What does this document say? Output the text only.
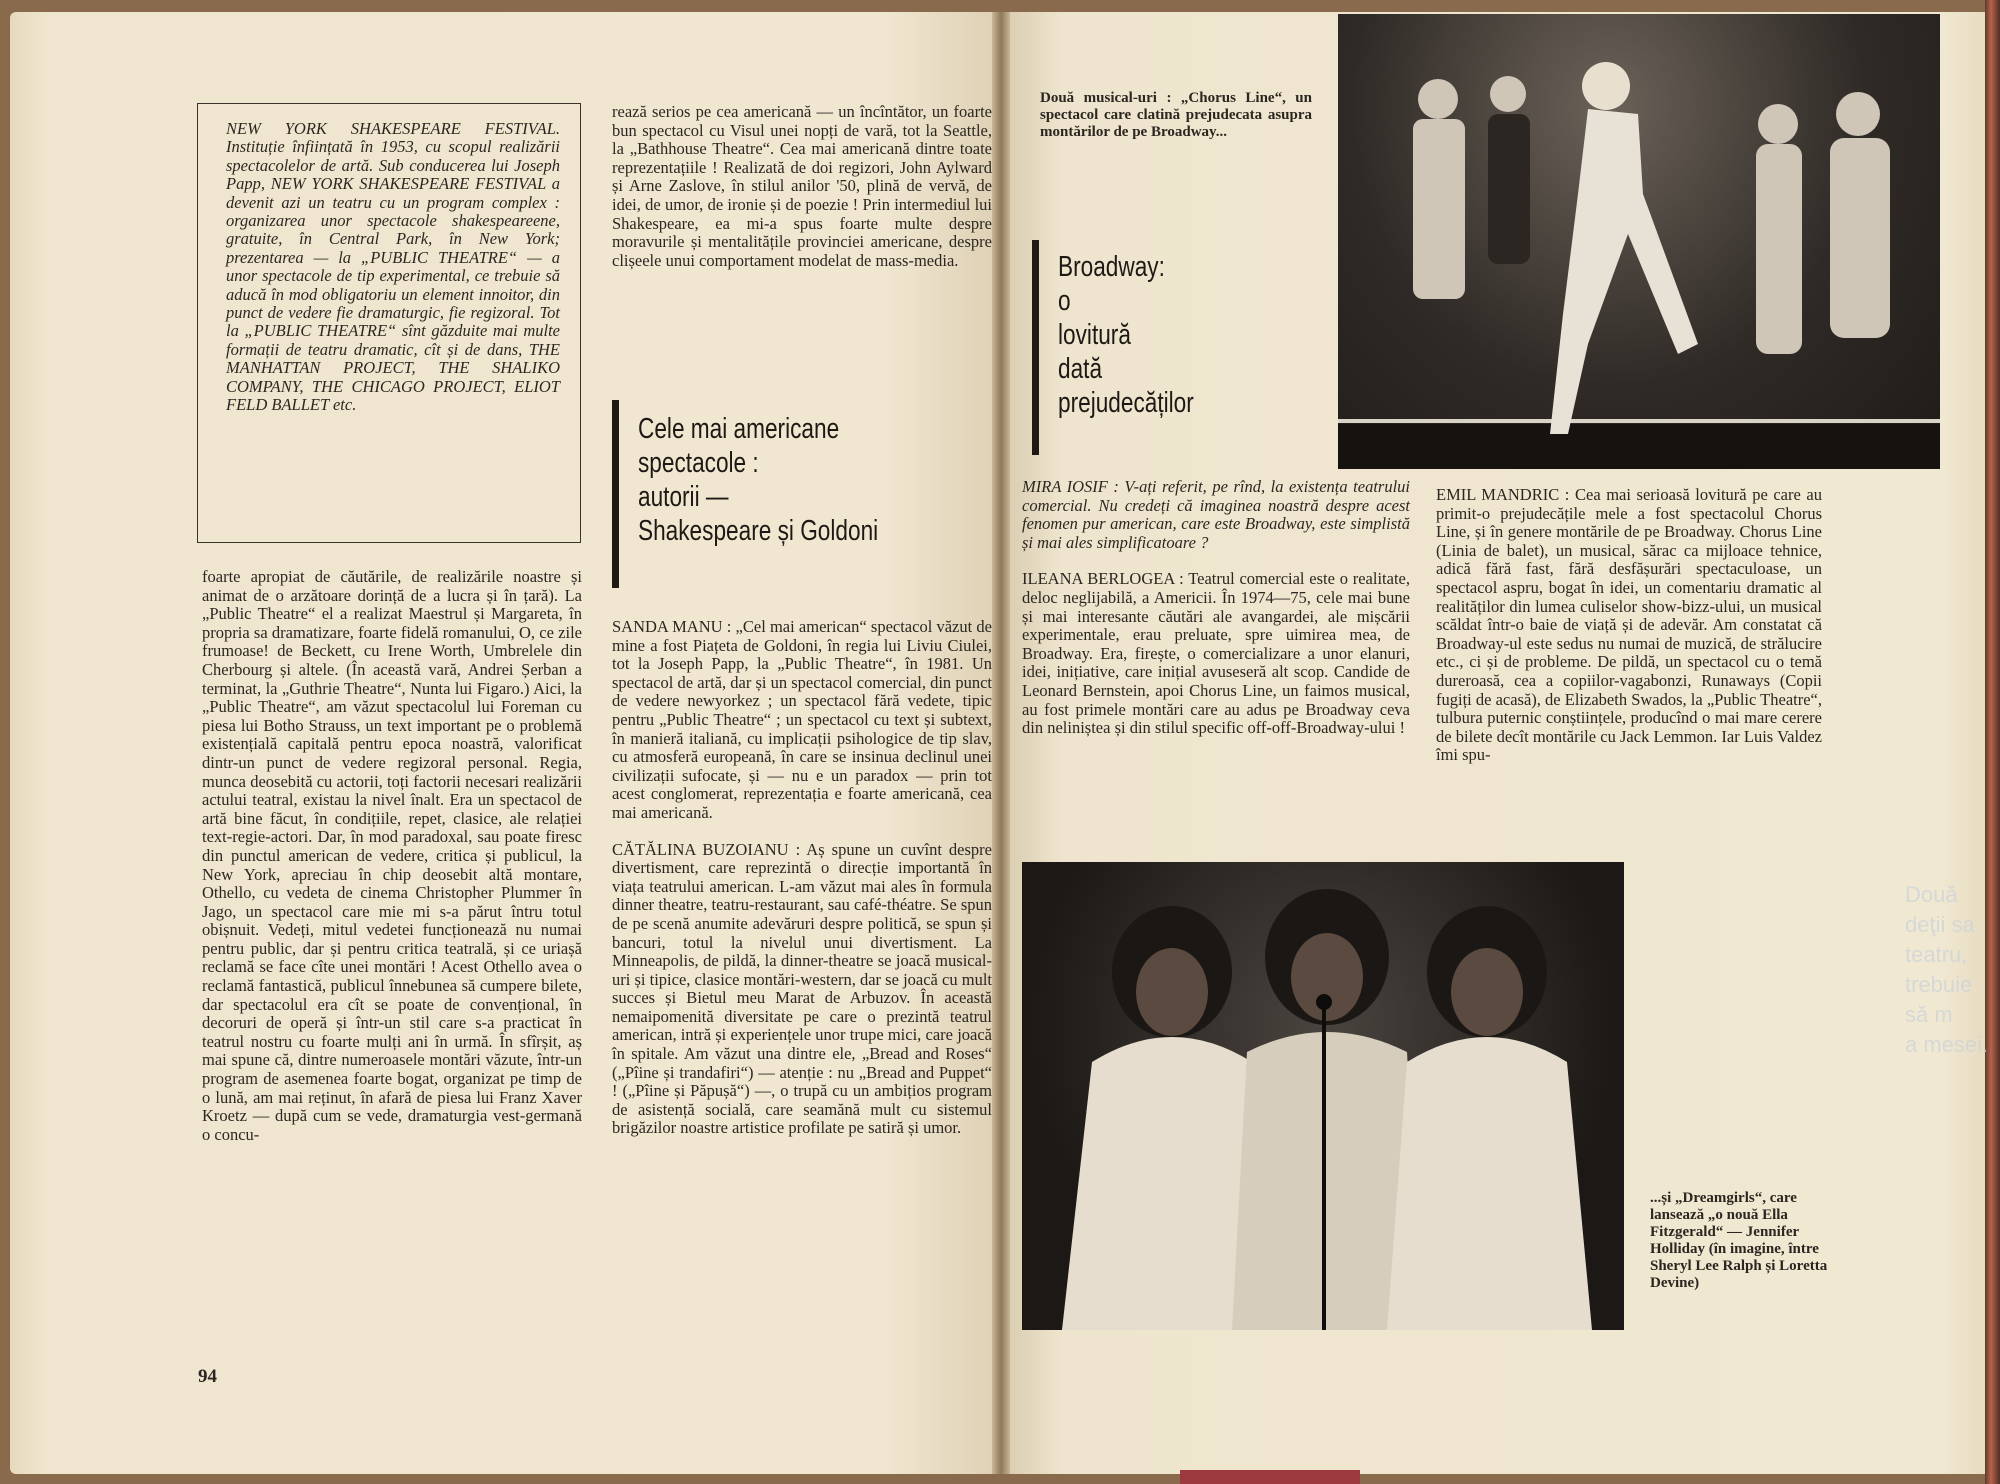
NEW YORK SHAKESPEARE FESTIVAL. Instituție înființată în 1953, cu scopul realizării spectacolelor de artă. Sub conducerea lui Joseph Papp, NEW YORK SHAKESPEARE FESTIVAL a devenit azi un teatru cu un program complex : organizarea unor spectacole shakespeareene, gratuite, în Central Park, în New York; prezentarea — la „PUBLIC THEATRE“ — a unor spectacole de tip experimental, ce trebuie să aducă în mod obligatoriu un element innoitor, din punct de vedere fie dramaturgic, fie regizoral. Tot la „PUBLIC THEATRE“ sînt găzduite mai multe formații de teatru dramatic, cît și de dans, THE MANHATTAN PROJECT, THE SHALIKO COMPANY, THE CHICAGO PROJECT, ELIOT FELD BALLET etc.

foarte apropiat de căutările, de realizările noastre și animat de o arzătoare dorință de a lucra și în țară). La „Public Theatre“ el a realizat Maestrul și Margareta, în propria sa dramatizare, foarte fidelă romanului, O, ce zile frumoase! de Beckett, cu Irene Worth, Umbrelele din Cherbourg și altele. (În această vară, Andrei Șerban a terminat, la „Guthrie Theatre“, Nunta lui Figaro.) Aici, la „Public Theatre“, am văzut spectacolul lui Foreman cu piesa lui Botho Strauss, un text important pe o problemă existențială capitală pentru epoca noastră, valorificat dintr-un punct de vedere regizoral personal. Regia, munca deosebită cu actorii, toți factorii necesari realizării actului teatral, existau la nivel înalt. Era un spectacol de artă bine făcut, în condițiile, repet, clasice, ale relației text-regie-actori. Dar, în mod paradoxal, sau poate firesc din punctul american de vedere, critica și publicul, la New York, apreciau în chip deosebit altă montare, Othello, cu vedeta de cinema Christopher Plummer în Jago, un spectacol care mie mi s-a părut întru totul obișnuit. Vedeți, mitul vedetei funcționează nu numai pentru public, dar și pentru critica teatrală, și ce uriașă reclamă se face cîte unei montări ! Acest Othello avea o reclamă fantastică, publicul înnebunea să cumpere bilete, dar spectacolul era cît se poate de convențional, în decoruri de operă și într-un stil care s-a practicat în teatrul nostru cu foarte mulți ani în urmă. În sfîrșit, aș mai spune că, dintre numeroasele montări văzute, într-un program de asemenea foarte bogat, organizat pe timp de o lună, am mai reținut, în afară de piesa lui Franz Xaver Kroetz — după cum se vede, dramaturgia vest-germană o concu-

rează serios pe cea americană — un încîntător, un foarte bun spectacol cu Visul unei nopți de vară, tot la Seattle, la „Bathhouse Theatre“. Cea mai americană dintre toate reprezentațiile ! Realizată de doi regizori, John Aylward și Arne Zaslove, în stilul anilor '50, plină de vervă, de idei, de umor, de ironie și de poezie ! Prin intermediul lui Shakespeare, ea mi-a spus foarte multe despre moravurile și mentalitățile provinciei americane, despre clișeele unui comportament modelat de mass-media.

Cele mai americane
spectacole :
autorii —
Shakespeare și Goldoni

SANDA MANU : „Cel mai american“ spectacol văzut de mine a fost Piațeta de Goldoni, în regia lui Liviu Ciulei, tot la Joseph Papp, la „Public Theatre“, în 1981. Un spectacol de artă, dar și un spectacol comercial, din punct de vedere newyorkez ; un spectacol fără vedete, tipic pentru „Public Theatre“ ; un spectacol cu text și subtext, în manieră italiană, cu implicații psihologice de tip slav, cu atmosferă europeană, în care se insinua declinul unei civilizații sufocate, și — nu e un paradox — prin tot acest conglomerat, reprezentația e foarte americană, cea mai americană.

CĂTĂLINA BUZOIANU : Aș spune un cuvînt despre divertisment, care reprezintă o direcție importantă în viața teatrului american. L-am văzut mai ales în formula dinner theatre, teatru-restaurant, sau café-théatre. Se spun de pe scenă anumite adevăruri despre politică, se spun și bancuri, totul la nivelul unui divertisment. La Minneapolis, de pildă, la dinner-theatre se joacă musical-uri și tipice, clasice montări-western, dar se joacă cu mult succes și Bietul meu Marat de Arbuzov. În această nemaipomenită diversitate pe care o prezintă teatrul american, intră și experiențele unor trupe mici, care joacă în spitale. Am văzut una dintre ele, „Bread and Roses“ („Pîine și trandafiri“) — atenție : nu „Bread and Puppet“ ! („Pîine și Păpușă“) —, o trupă cu un ambițios program de asistență socială, care seamănă mult cu sistemul brigăzilor noastre artistice profilate pe satiră și umor.

94
Două musical-uri : „Chorus Line“, un spectacol care clatină prejudecata asupra montărilor de pe Broadway...
Broadway:
o
lovitură
dată
prejudecăților

MIRA IOSIF : V-ați referit, pe rînd, la existența teatrului comercial. Nu credeți că imaginea noastră despre acest fenomen pur american, care este Broadway, este simplistă și mai ales simplificatoare ?

ILEANA BERLOGEA : Teatrul comercial este o realitate, deloc neglijabilă, a Americii. În 1974—75, cele mai bune și mai interesante căutări ale avangardei, ale mișcării experimentale, erau preluate, spre uimirea mea, de Broadway. Era, firește, o comercializare a unor elanuri, idei, inițiative, care inițial avuseseră alt scop. Candide de Leonard Bernstein, apoi Chorus Line, un faimos musical, au fost primele montări care au adus pe Broadway ceva din neliniștea și din stilul specific off-off-Broadway-ului !

EMIL MANDRIC : Cea mai serioasă lovitură pe care au primit-o prejudecățile mele a fost spectacolul Chorus Line, și în genere montările de pe Broadway. Chorus Line (Linia de balet), un musical, sărac ca mijloace tehnice, adică fără fast, fără desfășurări spectaculoase, un spectacol aspru, bogat în idei, un comentariu dramatic al realităților din lumea culiselor show-bizz-ului, un musical scăldat într-o baie de viață și de adevăr. Am constatat că Broadway-ul este sedus nu numai de muzică, de strălucire etc., ci și de probleme. De pildă, un spectacol cu o temă dureroasă, cea a copiilor-vagabonzi, Runaways (Copii fugiți de acasă), de Elizabeth Swados, la „Public Theatre“, tulbura puternic conștiințele, producînd o mai mare cerere de bilete decît montările cu Jack Lemmon. Iar Luis Valdez îmi spu-

...și „Dreamgirls“, care lansează „o nouă Ella Fitzgerald“ — Jennifer Holliday (în imagine, între Sheryl Lee Ralph și Loretta Devine)
Două deţii sa
teatru,
trebuie să m
a mesei.
